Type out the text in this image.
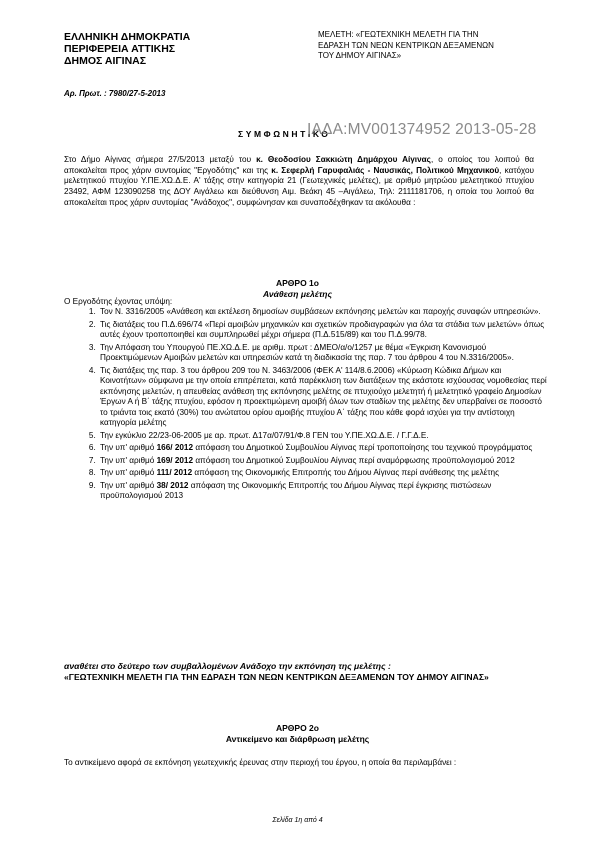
ΕΛΛΗΝΙΚΗ ΔΗΜΟΚΡΑΤΙΑ
ΠΕΡΙΦΕΡΕΙΑ ΑΤΤΙΚΗΣ
ΔΗΜΟΣ ΑΙΓΙΝΑΣ
ΜΕΛΕΤΗ: «ΓΕΩΤΕΧΝΙΚΗ ΜΕΛΕΤΗ ΓΙΑ ΤΗΝ
ΕΔΡΑΣΗ ΤΩΝ ΝΕΩΝ ΚΕΝΤΡΙΚΩΝ ΔΕΞΑΜΕΝΩΝ
ΤΟΥ ΔΗΜΟΥ ΑΙΓΙΝΑΣ»
Αρ. Πρωτ. : 7980/27-5-2013
ΣΥΜΦΩΝΗΤΙΚΟ
ΙΑΔΑ:ΜV001374952 2013-05-28
Στο Δήμο Αίγινας σήμερα 27/5/2013 μεταξύ του κ. Θεοδοσίου Σακκιώτη Δημάρχου Αίγινας, ο οποίος του λοιπού θα αποκαλείται προς χάριν συντομίας "Εργοδότης" και της κ. Σεφερλή Γαρυφαλιάς - Ναυσικάς, Πολιτικού Μηχανικού, κατόχου μελετητικού πτυχίου Υ.ΠΕ.ΧΩ.Δ.Ε. Α' τάξης στην κατηγορία 21 (Γεωτεχνικές μελέτες), με αριθμό μητρώου μελετητικού πτυχίου 23492, ΑΦΜ 123090258 της ΔΟΥ Αιγάλεω και διεύθυνση Αιμ. Βεάκη 45 –Αιγάλεω, Τηλ: 2111181706, η οποία του λοιπού θα αποκαλείται προς χάριν συντομίας "Ανάδοχος", συμφώνησαν και συναποδέχθηκαν τα ακόλουθα :
ΑΡΘΡΟ 1ο
Ανάθεση μελέτης
Ο Εργοδότης έχοντας υπόψη:
1. Τον Ν. 3316/2005 «Ανάθεση και εκτέλεση δημοσίων συμβάσεων εκπόνησης μελετών και παροχής συναφών υπηρεσιών».
2. Τις διατάξεις του Π.Δ.696/74 «Περί αμοιβών μηχανικών και σχετικών προδιαγραφών για όλα τα στάδια των μελετών» όπως αυτές έχουν τροποποιηθεί και συμπληρωθεί μέχρι σήμερα (Π.Δ.515/89) και του Π.Δ.99/78.
3. Την Απόφαση του Υπουργού ΠΕ.ΧΩ.Δ.Ε. με αριθμ. πρωτ : ΔΜΕΟ/α/ο/1257 με θέμα «Έγκριση Κανονισμού Προεκτιμώμενων Αμοιβών μελετών και υπηρεσιών κατά τη διαδικασία της παρ. 7 του άρθρου 4 του Ν.3316/2005».
4. Τις διατάξεις της παρ. 3 του άρθρου 209 του Ν. 3463/2006 (ΦΕΚ Α' 114/8.6.2006) «Κύρωση Κώδικα Δήμων και Κοινοτήτων» σύμφωνα με την οποία επιτρέπεται, κατά παρέκκλιση των διατάξεων της εκάστοτε ισχύουσας νομοθεσίας περί εκπόνησης μελετών, η απευθείας ανάθεση της εκπόνησης μελέτης σε πτυχιούχο μελετητή ή μελετητικό γραφείο Δημοσίων Έργων Α ή Β΄ τάξης πτυχίου, εφόσον η προεκτιμώμενη αμοιβή όλων των σταδίων της μελέτης δεν υπερβαίνει σε ποσοστό το τριάντα τοις εκατό (30%) του ανώτατου ορίου αμοιβής πτυχίου Α΄ τάξης που κάθε φορά ισχύει για την αντίστοιχη κατηγορία μελέτης
5. Την εγκύκλιο 22/23-06-2005 με αρ. πρωτ. Δ17α/07/91/Φ.8 ΓΕΝ του Υ.ΠΕ.ΧΩ.Δ.Ε. / Γ.Γ.Δ.Ε.
6. Την υπ' αριθμό 166/ 2012 απόφαση του Δημοτικού Συμβουλίου Αίγινας περί τροποποίησης του τεχνικού προγράμματος
7. Την υπ' αριθμό 169/ 2012 απόφαση του Δημοτικού Συμβουλίου Αίγινας περί αναμόρφωσης προϋπολογισμού 2012
8. Την υπ' αριθμό 111/ 2012 απόφαση της Οικονομικής Επιτροπής του Δήμου Αίγινας περί ανάθεσης της μελέτης
9. Την υπ' αριθμό 38/ 2012 απόφαση της Οικονομικής Επιτροπής του Δήμου Αίγινας περί έγκρισης πιστώσεων προϋπολογισμού 2013
αναθέτει στο δεύτερο των συμβαλλομένων Ανάδοχο την εκπόνηση της μελέτης :
«ΓΕΩΤΕΧΝΙΚΗ ΜΕΛΕΤΗ ΓΙΑ ΤΗΝ ΕΔΡΑΣΗ ΤΩΝ ΝΕΩΝ ΚΕΝΤΡΙΚΩΝ ΔΕΞΑΜΕΝΩΝ ΤΟΥ ΔΗΜΟΥ ΑΙΓΙΝΑΣ»
ΑΡΘΡΟ 2ο
Αντικείμενο και διάρθρωση μελέτης
Το αντικείμενο αφορά σε εκπόνηση γεωτεχνικής έρευνας στην περιοχή του έργου, η οποία θα περιλαμβάνει :
Σελίδα 1η από 4
